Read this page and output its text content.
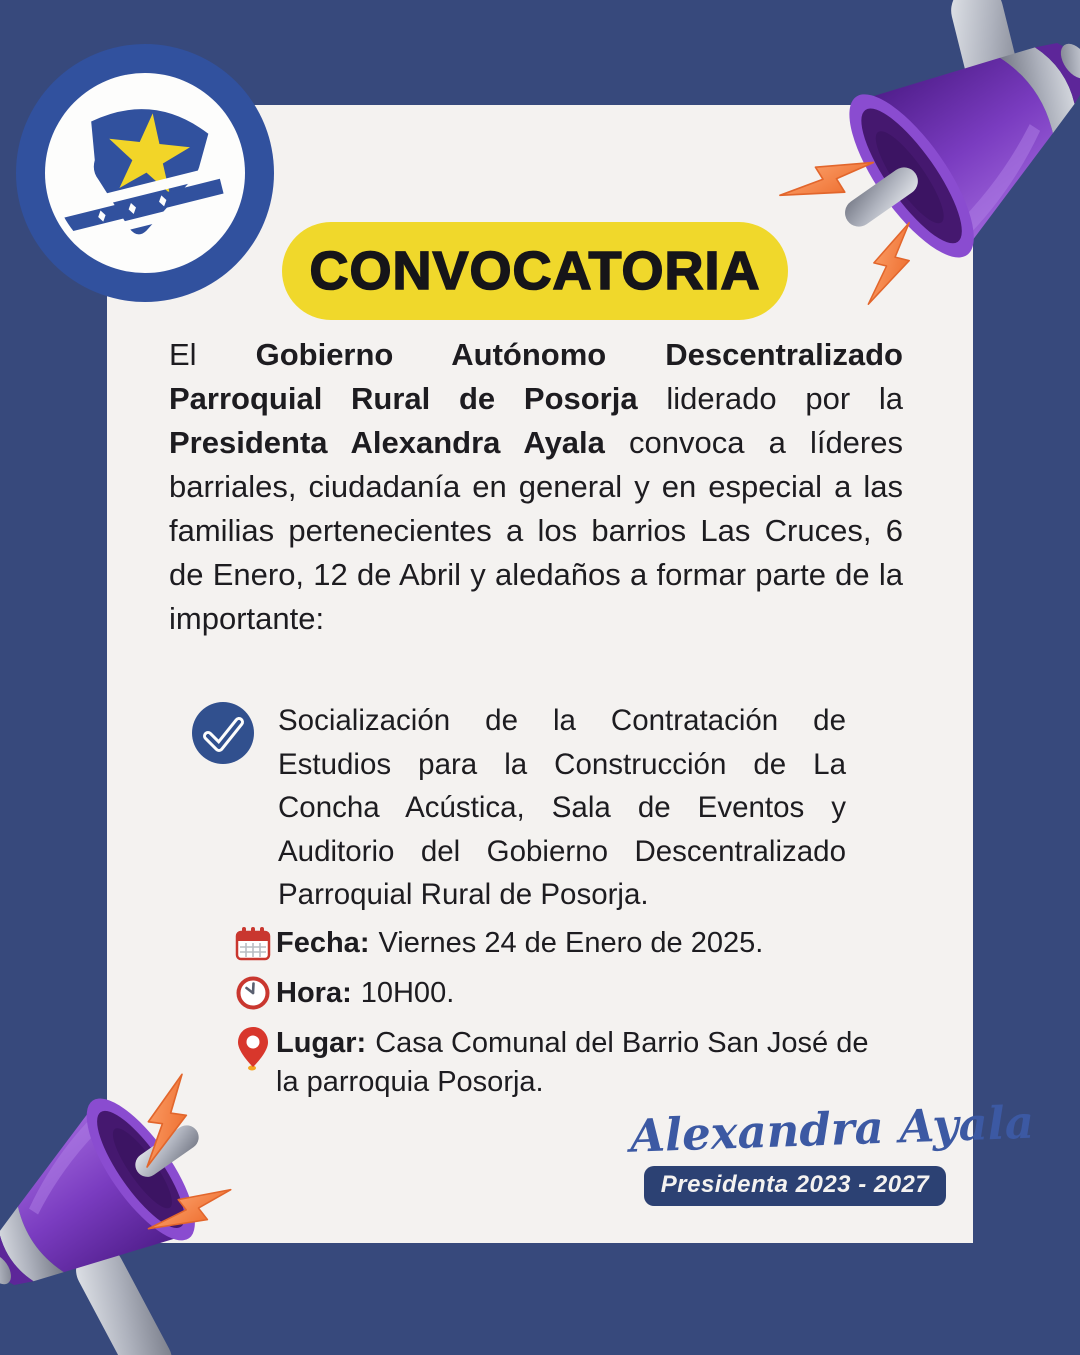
CONVOCATORIA

El Gobierno Autónomo Descentralizado Parroquial Rural de Posorja liderado por la Presidenta Alexandra Ayala convoca a líderes barriales, ciudadanía en general y en especial a las familias pertenecientes a los barrios Las Cruces, 6 de Enero, 12 de Abril y aledaños a formar parte de la importante:

Socialización de la Contratación de Estudios para la Construcción de La Concha Acústica, Sala de Eventos y Auditorio del Gobierno Descentralizado Parroquial Rural de Posorja.

Fecha: Viernes 24 de Enero de 2025.

Hora: 10H00.

Lugar: Casa Comunal del Barrio San José de la parroquia Posorja.

Alexandra Ayala
Presidenta 2023 - 2027
